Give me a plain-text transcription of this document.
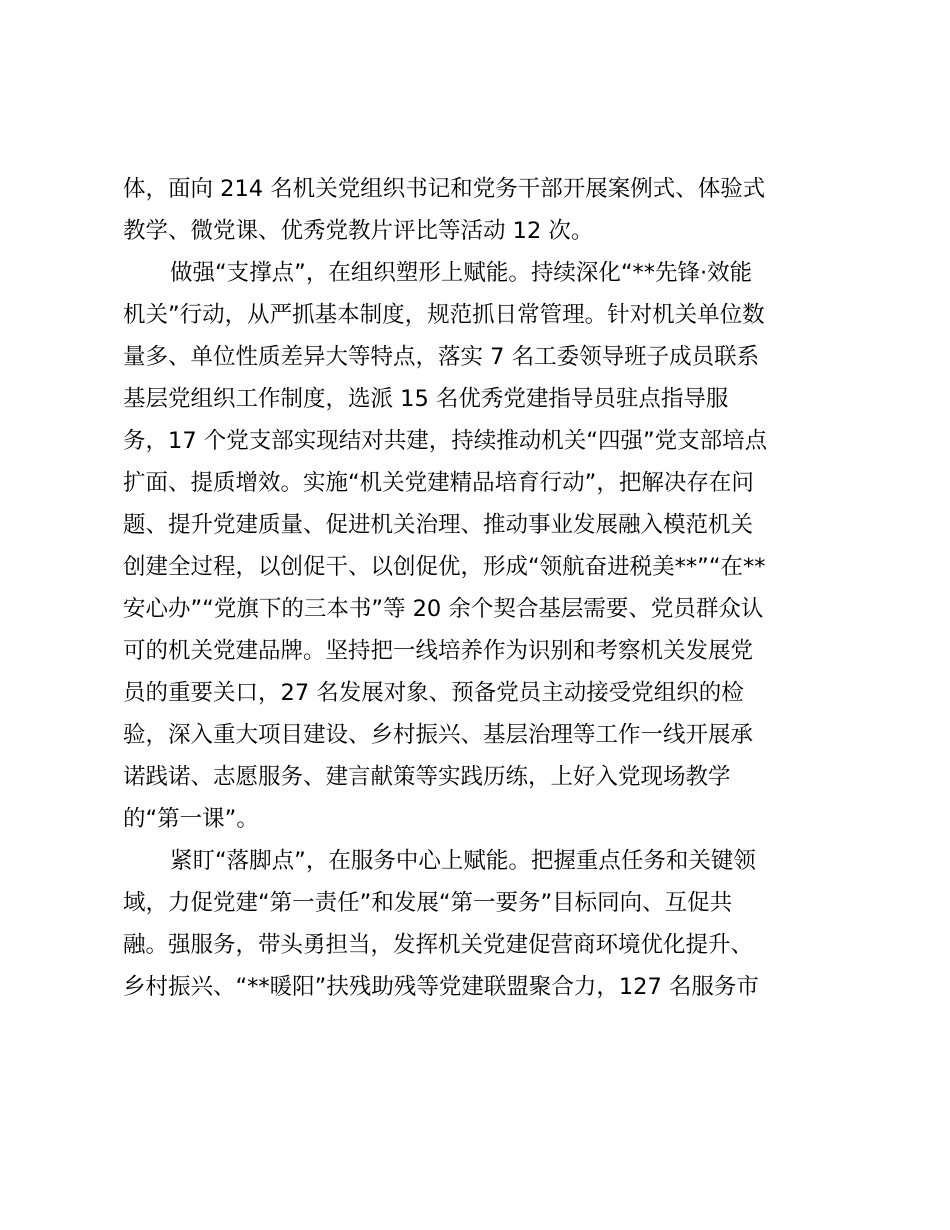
体，面向 214 名机关党组织书记和党务干部开展案例式、体验式
教学、微党课、优秀党教片评比等活动 12 次。
做强“支撑点”，在组织塑形上赋能。持续深化“**先锋·效能
机关”行动，从严抓基本制度，规范抓日常管理。针对机关单位数
量多、单位性质差异大等特点，落实 7 名工委领导班子成员联系
基层党组织工作制度，选派 15 名优秀党建指导员驻点指导服
务，17 个党支部实现结对共建，持续推动机关“四强”党支部培点
扩面、提质增效。实施“机关党建精品培育行动”，把解决存在问
题、提升党建质量、促进机关治理、推动事业发展融入模范机关
创建全过程，以创促干、以创促优，形成“领航奋进税美**”“在**
安心办”“党旗下的三本书”等 20 余个契合基层需要、党员群众认
可的机关党建品牌。坚持把一线培养作为识别和考察机关发展党
员的重要关口，27 名发展对象、预备党员主动接受党组织的检
验，深入重大项目建设、乡村振兴、基层治理等工作一线开展承
诺践诺、志愿服务、建言献策等实践历练，上好入党现场教学
的“第一课”。
紧盯“落脚点”，在服务中心上赋能。把握重点任务和关键领
域，力促党建“第一责任”和发展“第一要务”目标同向、互促共
融。强服务，带头勇担当，发挥机关党建促营商环境优化提升、
乡村振兴、“**暖阳”扶残助残等党建联盟聚合力，127 名服务市
